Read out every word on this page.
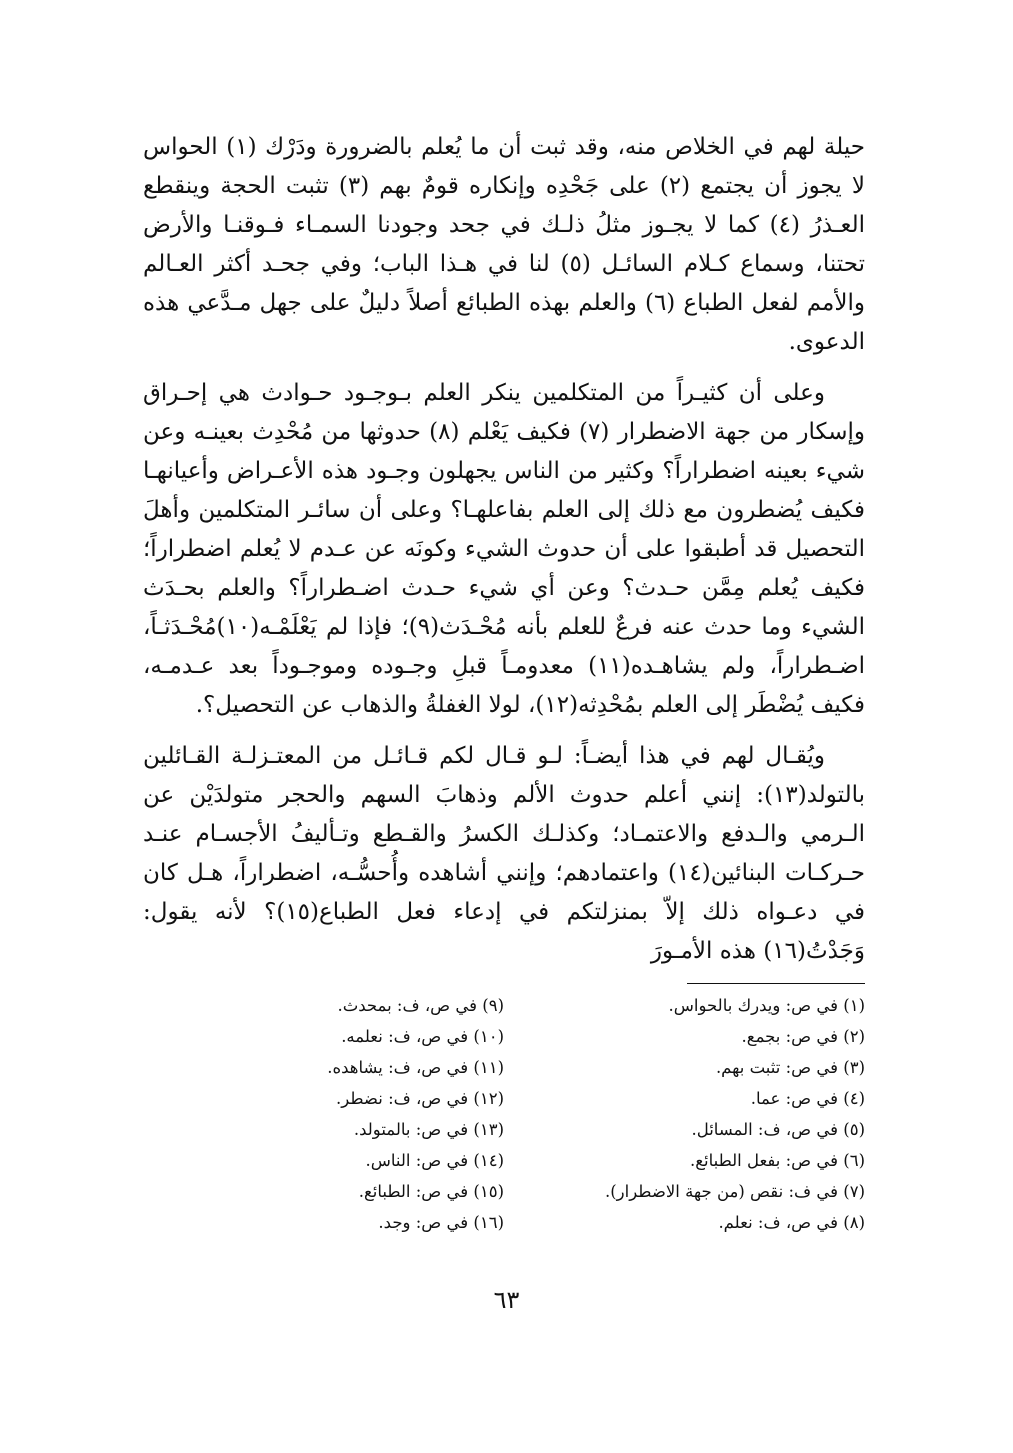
حيلة لهم في الخلاص منه، وقد ثبت أن ما يُعلم بالضرورة ودَرْك (١) الحواس لا يجوز أن يجتمع (٢) على جَحْدِه وإنكاره قومٌ بهم (٣) تثبت الحجة وينقطع العـذرُ (٤) كما لا يجـوز مثلُ ذلـك في جحد وجودنا السمـاء فـوقنـا والأرض تحتنا، وسماع كـلام السائـل (٥) لنا في هـذا الباب؛ وفي جحـد أكثر العـالم والأمم لفعل الطباع (٦) والعلم بهذه الطبائع أصلاً دليلٌ على جهل مـدَّعي هذه الدعوى.

وعلى أن كثيـراً من المتكلمين ينكر العلم بـوجـود حـوادث هي إحـراق وإسكار من جهة الاضطرار (٧) فكيف يَعْلم (٨) حدوثها من مُحْدِث بعينـه وعن شيء بعينه اضطراراً؟ وكثير من الناس يجهلون وجـود هذه الأعـراض وأعيانهـا فكيف يُضطرون مع ذلك إلى العلم بفاعلهـا؟ وعلى أن سائـر المتكلمين وأهلَ التحصيل قد أطبقوا على أن حدوث الشيء وكونَه عن عـدم لا يُعلم اضطراراً؛ فكيف يُعلم مِمَّن حـدث؟ وعن أي شيء حـدث اضـطراراً؟ والعلم بحـدَث الشيء وما حدث عنه فرعٌ للعلم بأنه مُحْـدَث(٩)؛ فإذا لم يَعْلَمْـه(١٠)مُحْـدَثـاً، اضـطراراً، ولم يشاهـده(١١) معدومـاً قبلِ وجـوده وموجـوداً بعد عـدمـه، فكيف يُضْطَر إلى العلم بمُحْدِثه(١٢)، لولا الغفلةُ والذهاب عن التحصيل؟.

ويُقـال لهم في هذا أيضـاً: لـو قـال لكم قـائـل من المعتـزلـة القـائلين بالتولد(١٣): إنني أعلم حدوث الألم وذهابَ السهم والحجر متولدَيْن عن الـرمي والـدفع والاعتمـاد؛ وكذلـك الكسرُ والقـطع وتـأليفُ الأجسـام عنـد حـركـات البنائين(١٤) واعتمادهم؛ وإنني أشاهده وأُحسُّـه، اضطراراً، هـل كان في دعـواه ذلك إلاّ بمنزلتكم في إدعاء فعل الطباع(١٥)؟ لأنه يقول: وَجَدْتُ(١٦) هذه الأمـورَ

(١) في ص: ويدرك بالحواس.
(٢) في ص: بجمع.
(٣) في ص: تثبت بهم.
(٤) في ص: عما.
(٥) في ص، ف: المسائل.
(٦) في ص: بفعل الطبائع.
(٧) في ف: نقص (من جهة الاضطرار).
(٨) في ص، ف: نعلم.
(٩) في ص، ف: بمحدث.
(١٠) في ص، ف: نعلمه.
(١١) في ص، ف: يشاهده.
(١٢) في ص، ف: نضطر.
(١٣) في ص: بالمتولد.
(١٤) في ص: الناس.
(١٥) في ص: الطبائع.
(١٦) في ص: وجد.
٦٣
